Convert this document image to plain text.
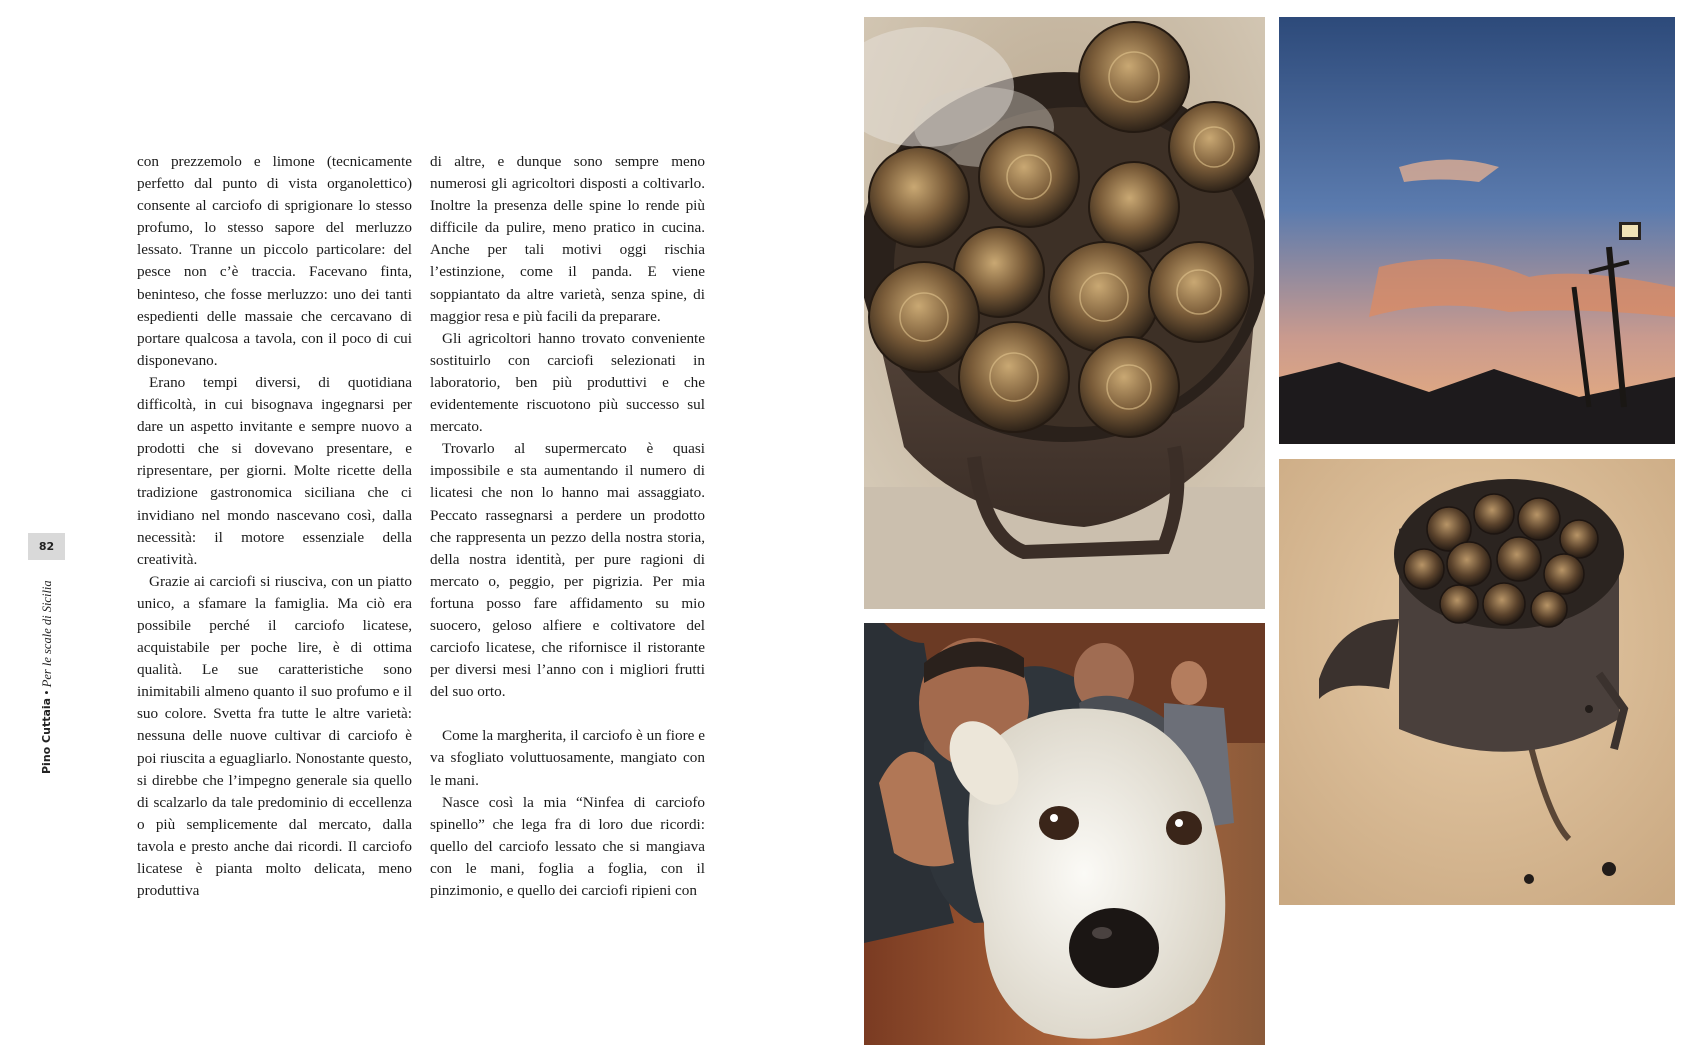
82
Pino Cuttaia • Per le scale di Sicilia

con prezzemolo e limone (tecnicamente perfetto dal punto di vista organolettico) consente al carciofo di sprigionare lo stesso profumo, lo stesso sapore del merluzzo lessato. Tranne un piccolo particolare: del pesce non c’è traccia. Facevano finta, beninteso, che fosse merluzzo: uno dei tanti espedienti delle massaie che cercavano di portare qualcosa a tavola, con il poco di cui disponevano.

Erano tempi diversi, di quotidiana difficoltà, in cui bisognava ingegnarsi per dare un aspetto invitante e sempre nuovo a prodotti che si dovevano presentare, e ripresentare, per giorni. Molte ricette della tradizione gastronomica siciliana che ci invidiano nel mondo nascevano così, dalla necessità: il motore essenziale della creatività.

Grazie ai carciofi si riusciva, con un piatto unico, a sfamare la famiglia. Ma ciò era possibile perché il carciofo licatese, acquistabile per poche lire, è di ottima qualità. Le sue caratteristiche sono inimitabili almeno quanto il suo profumo e il suo colore. Svetta fra tutte le altre varietà: nessuna delle nuove cultivar di carciofo è poi riuscita a eguagliarlo. Nonostante questo, si direbbe che l’impegno generale sia quello di scalzarlo da tale predominio di eccellenza o più semplicemente dal mercato, dalla tavola e presto anche dai ricordi. Il carciofo licatese è pianta molto delicata, meno produttiva

di altre, e dunque sono sempre meno numerosi gli agricoltori disposti a coltivarlo. Inoltre la presenza delle spine lo rende più difficile da pulire, meno pratico in cucina. Anche per tali motivi oggi rischia l’estinzione, come il panda. E viene soppiantato da altre varietà, senza spine, di maggior resa e più facili da preparare.

Gli agricoltori hanno trovato conveniente sostituirlo con carciofi selezionati in laboratorio, ben più produttivi e che evidentemente riscuotono più successo sul mercato.

Trovarlo al supermercato è quasi impossibile e sta aumentando il numero di licatesi che non lo hanno mai assaggiato. Peccato rassegnarsi a perdere un prodotto che rappresenta un pezzo della nostra storia, della nostra identità, per pure ragioni di mercato o, peggio, per pigrizia. Per mia fortuna posso fare affidamento su mio suocero, geloso alfiere e coltivatore del carciofo licatese, che rifornisce il ristorante per diversi mesi l’anno con i migliori frutti del suo orto.

Come la margherita, il carciofo è un fiore e va sfogliato voluttuosamente, mangiato con le mani.

Nasce così la mia “Ninfea di carciofo spinello” che lega fra di loro due ricordi: quello del carciofo lessato che si mangiava con le mani, foglia a foglia, con il pinzimonio, e quello dei carciofi ripieni con
